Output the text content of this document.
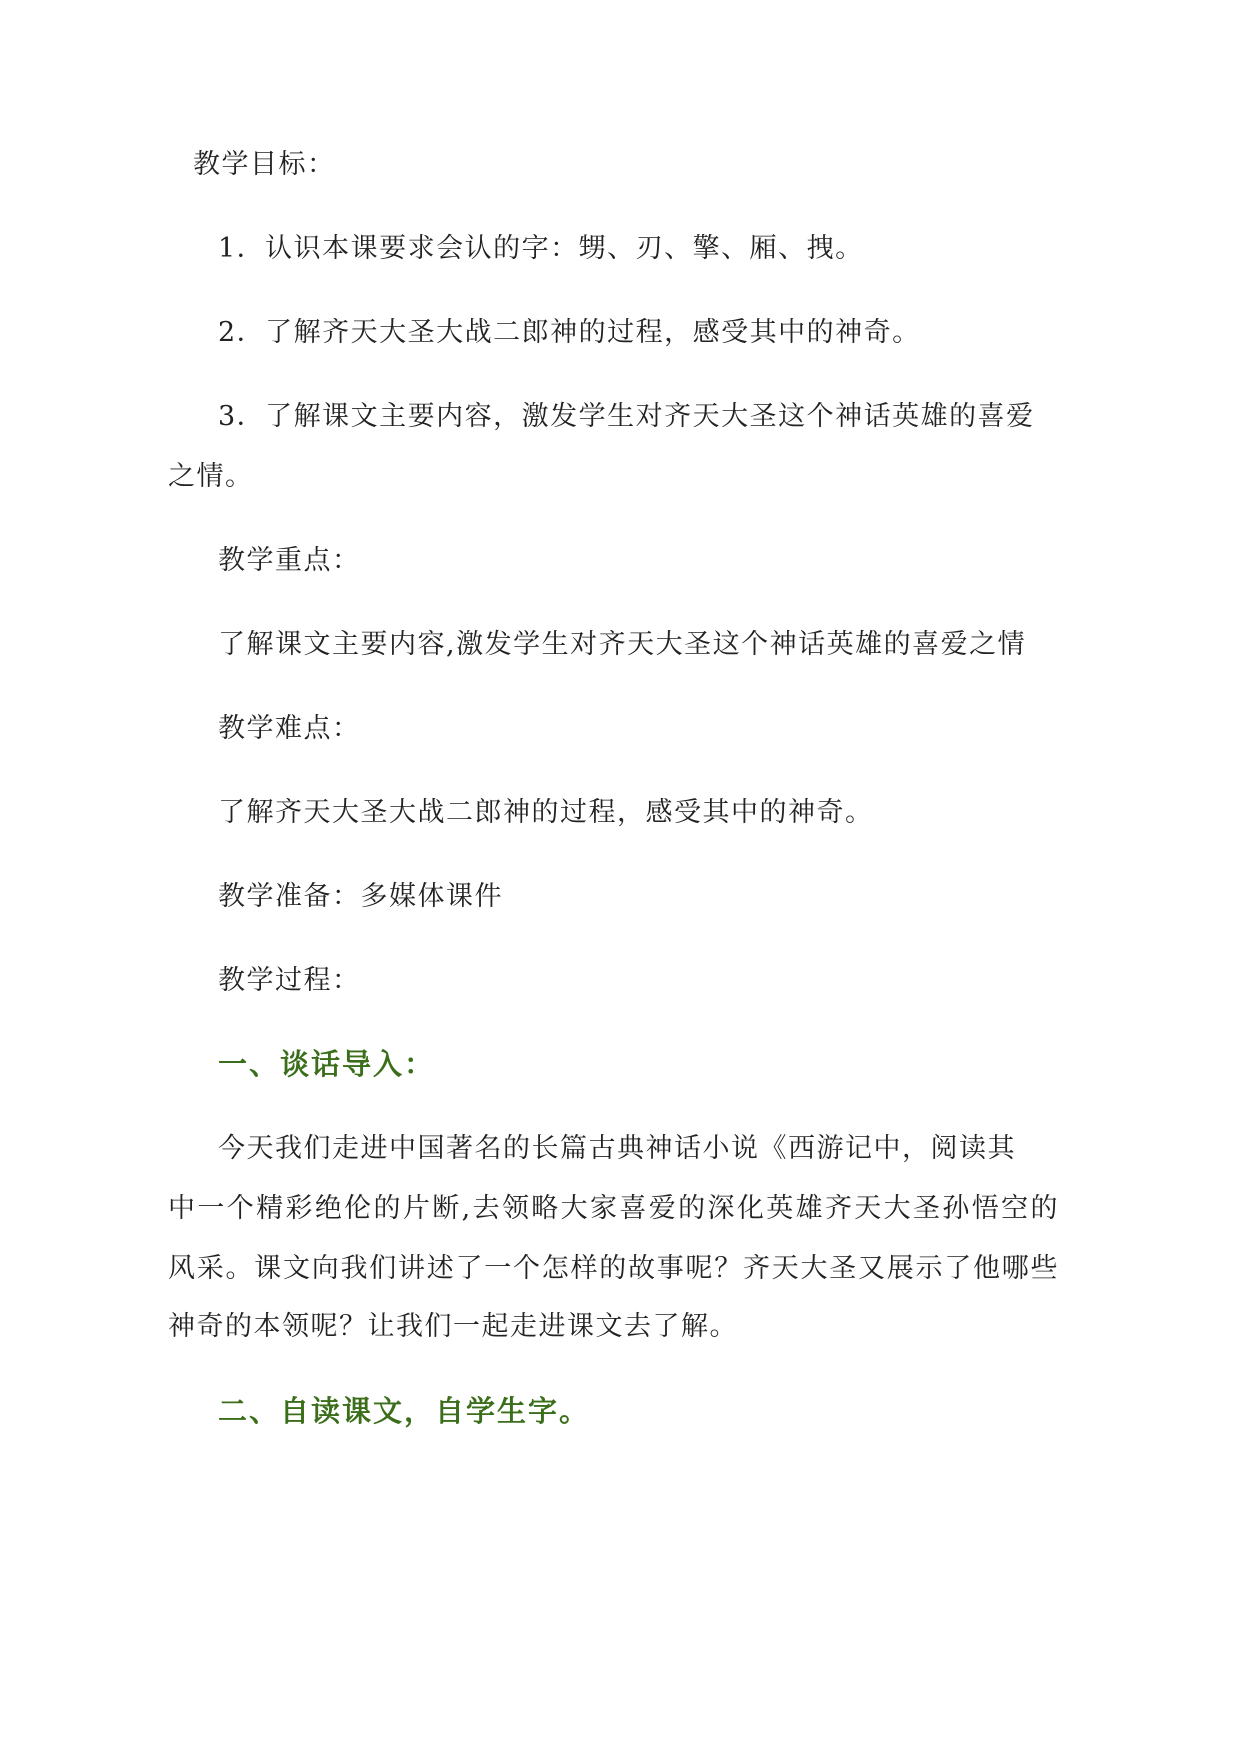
教学目标：
1．认识本课要求会认的字：甥、刃、擎、厢、拽。
2．了解齐天大圣大战二郎神的过程，感受其中的神奇。
3．了解课文主要内容，激发学生对齐天大圣这个神话英雄的喜爱
之情。
教学重点：
了解课文主要内容,激发学生对齐天大圣这个神话英雄的喜爱之情
教学难点：
了解齐天大圣大战二郎神的过程，感受其中的神奇。
教学准备：多媒体课件
教学过程：
一、谈话导入：
今天我们走进中国著名的长篇古典神话小说《西游记中，阅读其
中一个精彩绝伦的片断,去领略大家喜爱的深化英雄齐天大圣孙悟空的
风采。课文向我们讲述了一个怎样的故事呢？齐天大圣又展示了他哪些
神奇的本领呢？让我们一起走进课文去了解。
二、自读课文，自学生字。
